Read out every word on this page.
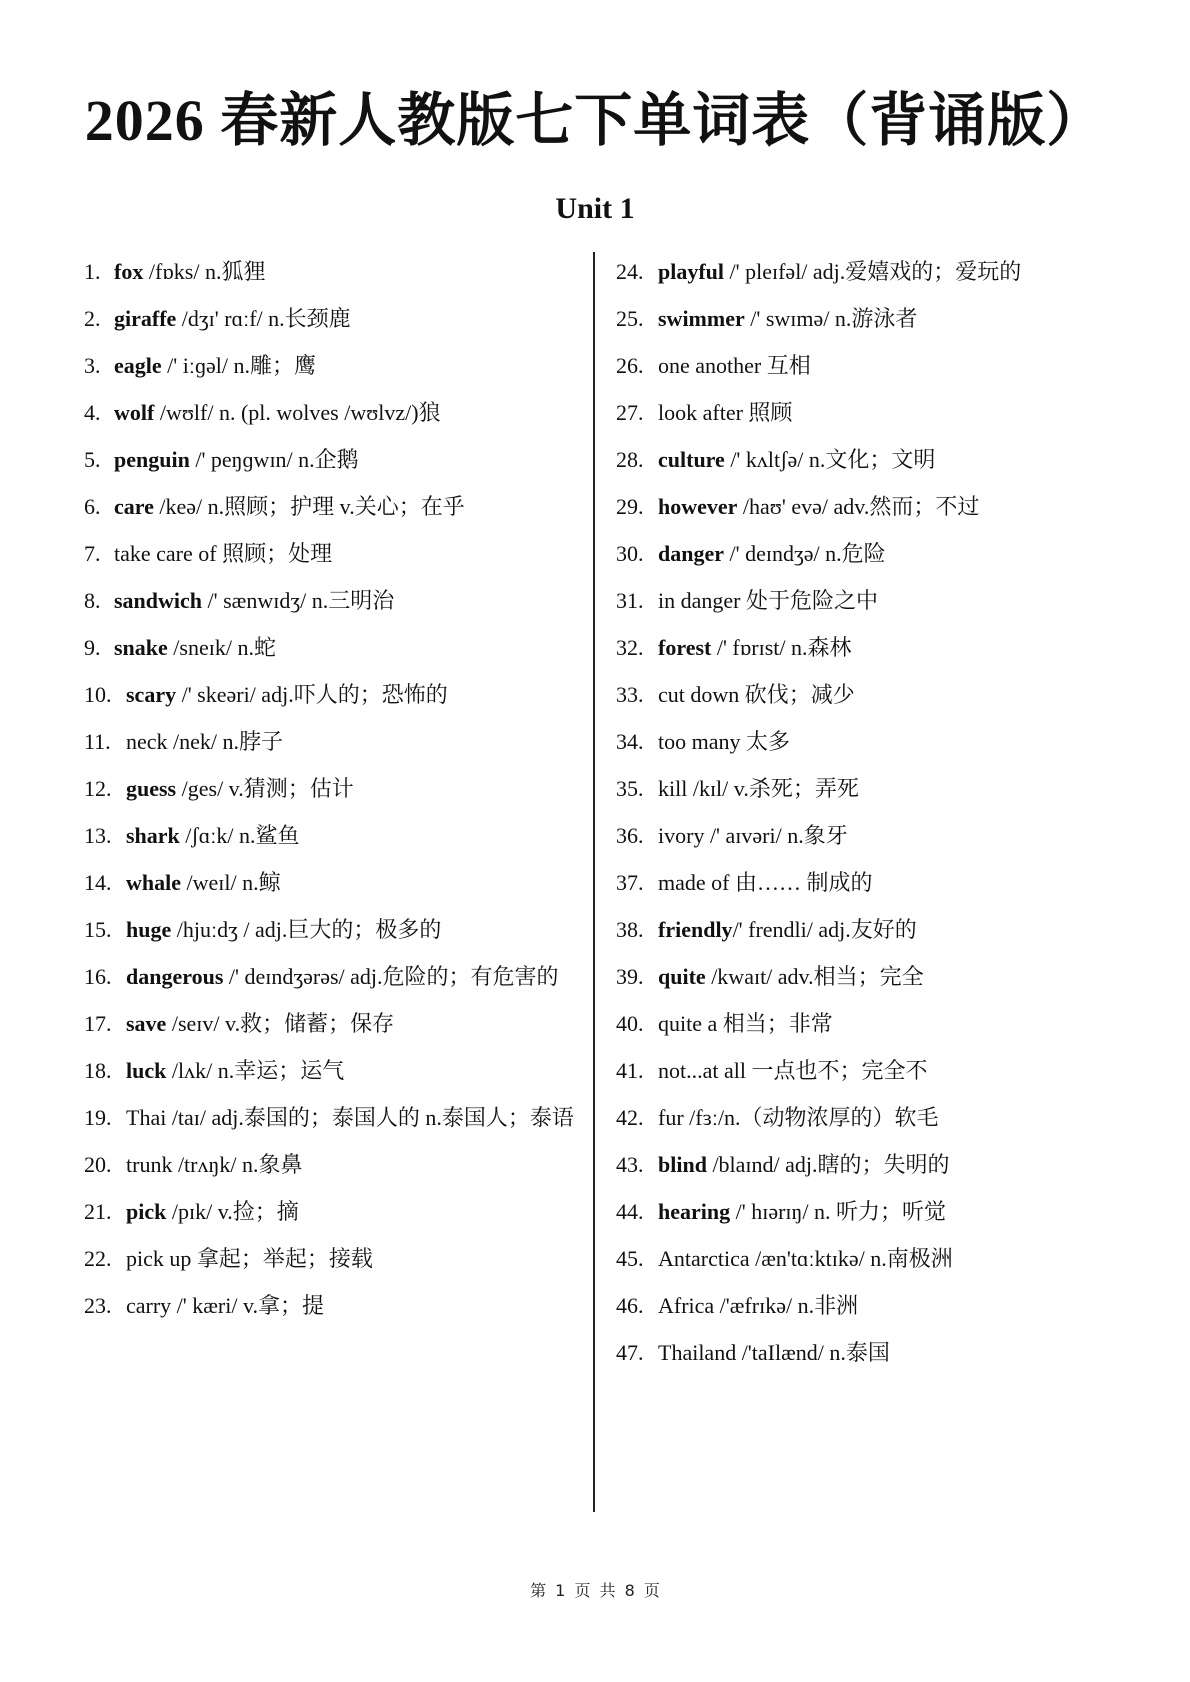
2026 春新人教版七下单词表（背诵版）
Unit 1
1. fox /fɒks/ n.狐狸
2. giraffe /dʒɪ' rɑːf/ n.长颈鹿
3. eagle /' iːɡəl/ n.雕；鹰
4. wolf /wʊlf/ n. (pl. wolves /wʊlvz/)狼
5. penguin /' peŋɡwɪn/ n.企鹅
6. care /keə/ n.照顾；护理 v.关心；在乎
7. take care of 照顾；处理
8. sandwich /' sænwɪdʒ/ n.三明治
9. snake /sneɪk/ n.蛇
10. scary /' skeəri/ adj.吓人的；恐怖的
11. neck /nek/ n.脖子
12. guess /ges/ v.猜测；估计
13. shark /ʃɑːk/ n.鲨鱼
14. whale /weɪl/ n.鲸
15. huge /hjuːdʒ / adj.巨大的；极多的
16. dangerous /' deɪndʒərəs/ adj.危险的；有危害的
17. save /seɪv/ v.救；储蓄；保存
18. luck /lʌk/ n.幸运；运气
19. Thai /taɪ/ adj.泰国的；泰国人的 n.泰国人；泰语
20. trunk /trʌŋk/ n.象鼻
21. pick /pɪk/ v.捡；摘
22. pick up 拿起；举起；接载
23. carry /' kæri/ v.拿；提
24. playful /' pleɪfəl/ adj.爱嬉戏的；爱玩的
25. swimmer /' swɪmə/ n.游泳者
26. one another 互相
27. look after 照顾
28. culture /' kʌltʃə/ n.文化；文明
29. however /haʊ' evə/ adv.然而；不过
30. danger /' deɪndʒə/ n.危险
31. in danger 处于危险之中
32. forest /' fɒrɪst/ n.森林
33. cut down 砍伐；减少
34. too many 太多
35. kill /kɪl/ v.杀死；弄死
36. ivory /' aɪvəri/ n.象牙
37. made of 由…… 制成的
38. friendly/' frendli/ adj.友好的
39. quite /kwaɪt/ adv.相当；完全
40. quite a 相当；非常
41. not...at all 一点也不；完全不
42. fur /fɜː/n.（动物浓厚的）软毛
43. blind /blaɪnd/ adj.瞎的；失明的
44. hearing /' hɪərɪŋ/ n. 听力；听觉
45. Antarctica /æn'tɑːktɪkə/ n.南极洲
46. Africa /'æfrɪkə/ n.非洲
47. Thailand /'taIlænd/ n.泰国
第 1 页 共 8 页
